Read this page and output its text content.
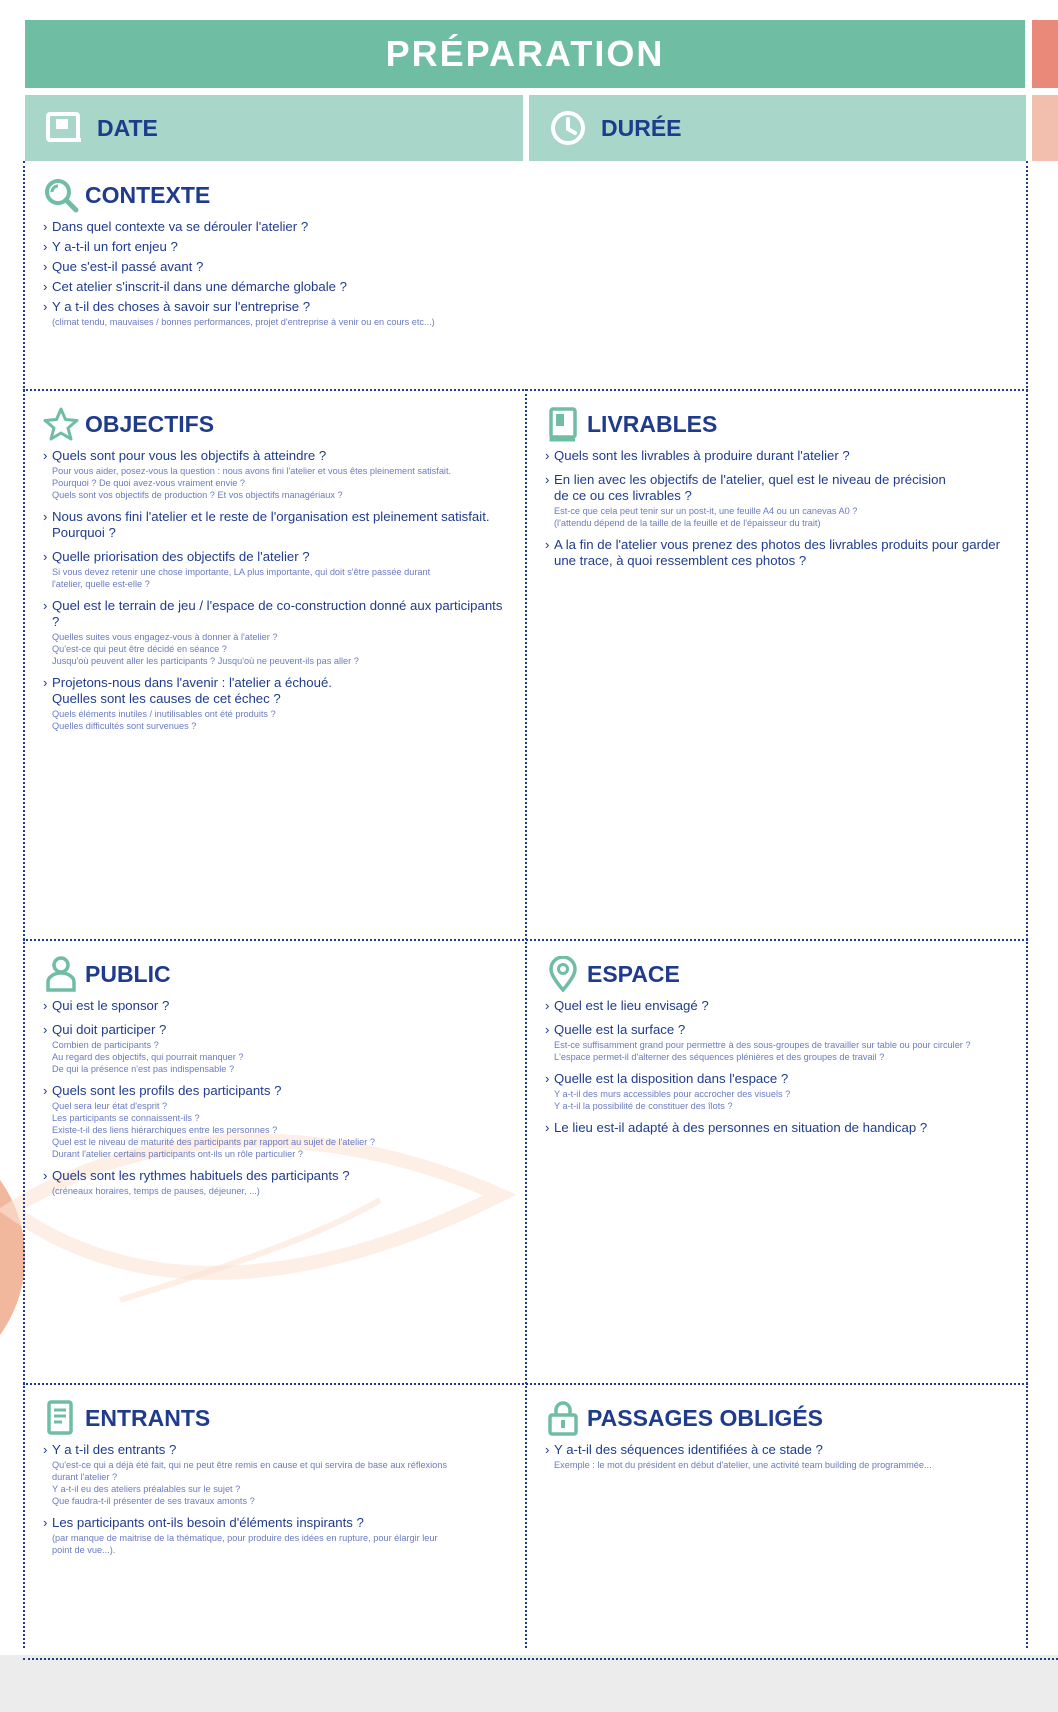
PRÉPARATION
DATE	DURÉE
CONTEXTE
› Dans quel contexte va se dérouler l'atelier ?
› Y a-t-il un fort enjeu ?
› Que s'est-il passé avant ?
› Cet atelier s'inscrit-il dans une démarche globale ?
› Y a t-il des choses à savoir sur l'entreprise ?
(climat tendu, mauvaises / bonnes performances, projet d'entreprise à venir ou en cours etc...)
OBJECTIFS
› Quels sont pour vous les objectifs à atteindre ?
Pour vous aider, posez-vous la question : nous avons fini l'atelier et vous êtes pleinement satisfait.
Pourquoi ? De quoi avez-vous vraiment envie ?
Quels sont vos objectifs de production ? Et vos objectifs managériaux ?
› Nous avons fini l'atelier et le reste de l'organisation est pleinement satisfait.
Pourquoi ?
› Quelle priorisation des objectifs de l'atelier ?
Si vous devez retenir une chose importante, LA plus importante, qui doit s'être passée durant
l'atelier, quelle est-elle ?
› Quel est le terrain de jeu / l'espace de co-construction donné aux participants ?
Quelles suites vous engagez-vous à donner à l'atelier ?
Qu'est-ce qui peut être décidé en séance ?
Jusqu'où peuvent aller les participants ? Jusqu'où ne peuvent-ils pas aller ?
› Projetons-nous dans l'avenir : l'atelier a échoué.
Quelles sont les causes de cet échec ?
Quels éléments inutiles / inutilisables ont été produits ?
Quelles difficultés sont survenues ?
LIVRABLES
› Quels sont les livrables à produire durant l'atelier ?
› En lien avec les objectifs de l'atelier, quel est le niveau de précision
de ce ou ces livrables ?
Est-ce que cela peut tenir sur un post-it, une feuille A4 ou un canevas A0 ?
(l'attendu dépend de la taille de la feuille et de l'épaisseur du trait)
› A la fin de l'atelier vous prenez des photos des livrables produits pour garder
une trace, à quoi ressemblent ces photos ?
PUBLIC
› Qui est le sponsor ?
› Qui doit participer ?
Combien de participants ?
Au regard des objectifs, qui pourrait manquer ?
De qui la présence n'est pas indispensable ?
› Quels sont les profils des participants ?
Quel sera leur état d'esprit ?
Les participants se connaissent-ils ?
Existe-t-il des liens hiérarchiques entre les personnes ?
Quel est le niveau de maturité des participants par rapport au sujet de l'atelier ?
Durant l'atelier certains participants ont-ils un rôle particulier ?
› Quels sont les rythmes habituels des participants ?
(créneaux horaires, temps de pauses, déjeuner, ...)
ESPACE
› Quel est le lieu envisagé ?
› Quelle est la surface ?
Est-ce suffisamment grand pour permettre à des sous-groupes de travailler sur table ou pour circuler ?
L'espace permet-il d'alterner des séquences plénières et des groupes de travail ?
› Quelle est la disposition dans l'espace ?
Y a-t-il des murs accessibles pour accrocher des visuels ?
Y a-t-il la possibilité de constituer des îlots ?
› Le lieu est-il adapté à des personnes en situation de handicap ?
ENTRANTS
› Y a t-il des entrants ?
Qu'est-ce qui a déjà été fait, qui ne peut être remis en cause et qui servira de base aux réflexions
durant l'atelier ?
Y a-t-il eu des ateliers préalables sur le sujet ?
Que faudra-t-il présenter de ses travaux amonts ?
› Les participants ont-ils besoin d'éléments inspirants ?
(par manque de maitrise de la thématique, pour produire des idées en rupture, pour élargir leur
point de vue...).
PASSAGES OBLIGÉS
› Y a-t-il des séquences identifiées à ce stade ?
Exemple : le mot du président en début d'atelier, une activité team building de programmée...
